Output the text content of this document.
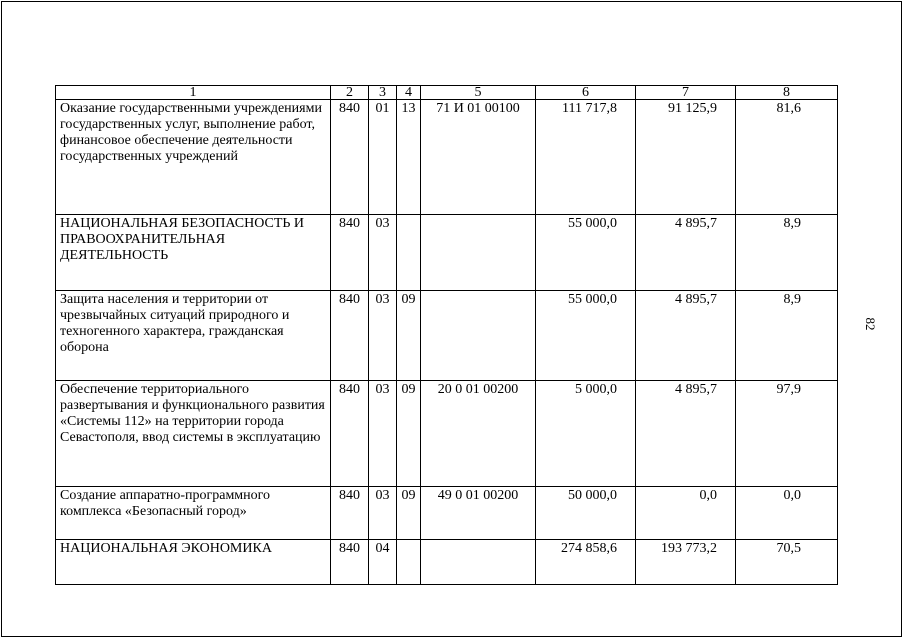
82
1	2	3	4	5	6	7	8
Оказание государственными учреждениями государственных услуг, выполнение работ, финансовое обеспечение деятельности государственных учреждений	840	01	13	71 И 01 00100	111 717,8	91 125,9	81,6
НАЦИОНАЛЬНАЯ БЕЗОПАСНОСТЬ И ПРАВООХРАНИТЕЛЬНАЯ ДЕЯТЕЛЬНОСТЬ	840	03			55 000,0	4 895,7	8,9
Защита населения и территории от чрезвычайных ситуаций природного и техногенного характера, гражданская оборона	840	03	09		55 000,0	4 895,7	8,9
Обеспечение территориального развертывания и функционального развития «Системы 112» на территории города Севастополя, ввод системы в эксплуатацию	840	03	09	20 0 01 00200	5 000,0	4 895,7	97,9
Создание аппаратно-программного комплекса «Безопасный город»	840	03	09	49 0 01 00200	50 000,0	0,0	0,0
НАЦИОНАЛЬНАЯ ЭКОНОМИКА	840	04			274 858,6	193 773,2	70,5
